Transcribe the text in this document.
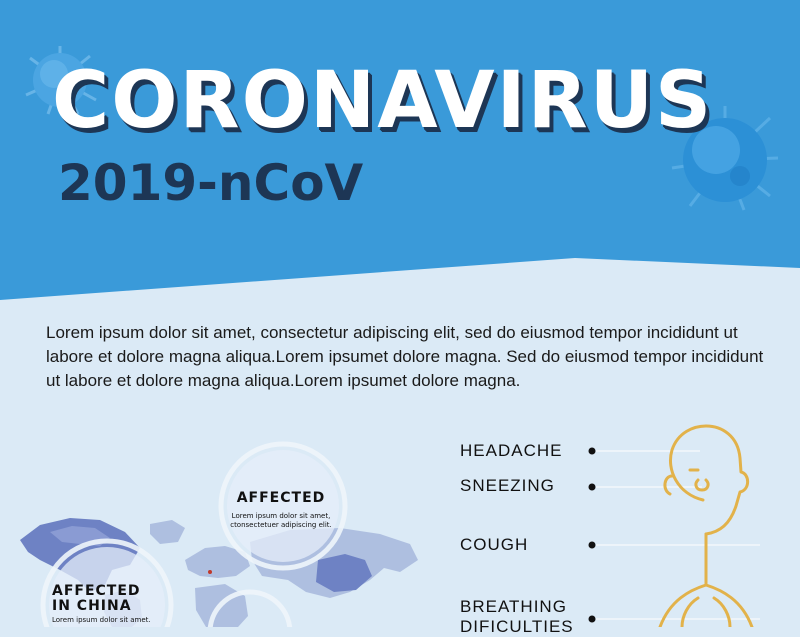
CORONAVIRUS
2019-nCoV

Lorem ipsum dolor sit amet, consectetur adipiscing elit, sed do eiusmod tempor incididunt ut labore et dolore magna aliqua.Lorem ipsumet dolore magna. Sed do eiusmod tempor incididunt ut labore et dolore magna aliqua.Lorem ipsumet dolore magna.

AFFECTED
Lorem ipsum dolor sit amet, ctonsectetuer adipiscing elit.
AFFECTED
IN CHINA
Lorem ipsum dolor sit amet.
HEADACHE
SNEEZING
COUGH
BREATHING
DIFICULTIES
